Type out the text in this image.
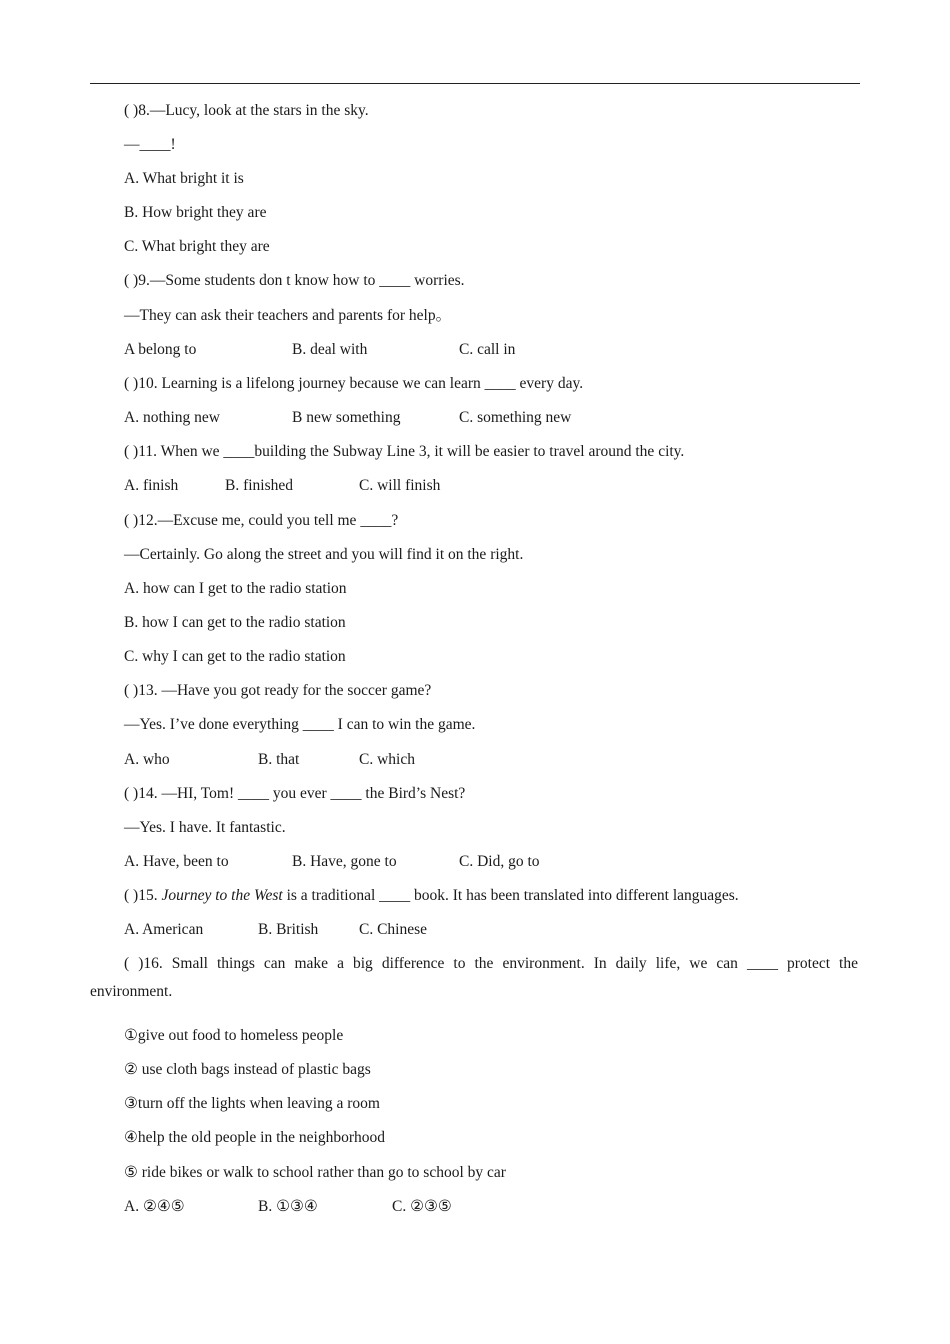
( )8.—Lucy, look at the stars in the sky.
—____!
A. What bright it is
B. How bright they are
C. What bright they are
( )9.—Some students don t know how to ____ worries.
—They can ask their teachers and parents for help。
A belong to	B. deal with	C. call in
( )10. Learning is a lifelong journey because we can learn ____ every day.
A. nothing new	B new something	C. something new
( )11. When we ____building the Subway Line 3, it will be easier to travel around the city.
A. finish	B. finished	C. will finish
( )12.—Excuse me, could you tell me ____?
—Certainly. Go along the street and you will find it on the right.
A. how can I get to the radio station
B. how I can get to the radio station
C. why I can get to the radio station
( )13. —Have you got ready for the soccer game?
—Yes. I’ve done everything ____ I can to win the game.
A. who	B. that	C. which
( )14. —HI, Tom! ____ you ever ____ the Bird’s Nest?
—Yes. I have. It fantastic.
A. Have, been to	B. Have, gone to	C. Did, go to
( )15. Journey to the West is a traditional ____ book. It has been translated into different languages.
A. American	B. British	C. Chinese
( )16. Small things can make a big difference to the environment. In daily life, we can ____ protect the
environment.
①give out food to homeless people
② use cloth bags instead of plastic bags
③turn off the lights when leaving a room
④help the old people in the neighborhood
⑤ ride bikes or walk to school rather than go to school by car
A. ②④⑤	B. ①③④	C. ②③⑤
